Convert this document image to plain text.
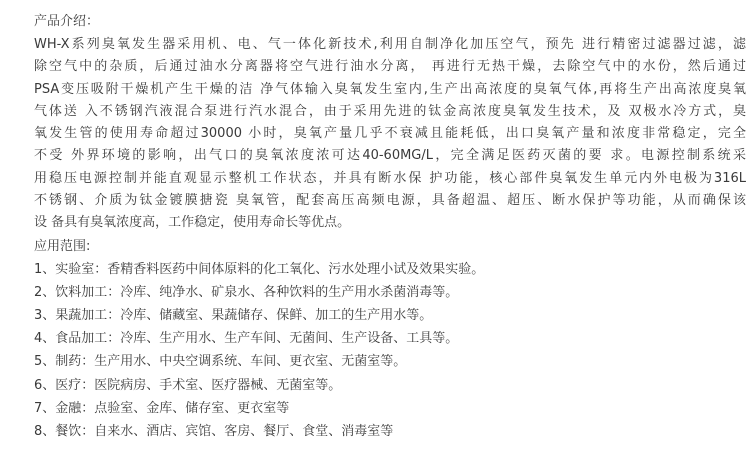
产品介绍：

WH-X系列臭氧发生器采用机、电、气一体化新技术,利用自制净化加压空气，预先 进行精密过滤器过滤，滤
除空气中的杂质，后通过油水分离器将空气进行油水分离， 再进行无热干燥，去除空气中的水份，然后通过
PSA变压吸附干燥机产生干燥的洁 净气体输入臭氧发生室内,生产出高浓度的臭氧气体,再将生产出高浓度臭氧
气体送 入不锈钢汽液混合泵进行汽水混合，由于采用先进的钛金高浓度臭氧发生技术，及 双极水冷方式，臭
氧发生管的使用寿命超过30000 小时，臭氧产量几乎不衰减且能耗低，出口臭氧产量和浓度非常稳定，完全
不受 外界环境的影响，出气口的臭氧浓度浓可达40-60MG/L，完全满足医药灭菌的要 求。电源控制系统采
用稳压电源控制并能直观显示整机工作状态，并具有断水保 护功能，核心部件臭氧发生单元内外电极为316L
不锈钢、介质为钛金镀膜搪瓷 臭氧管，配套高压高频电源，具备超温、超压、断水保护等功能，从而确保该
设 备具有臭氧浓度高，工作稳定，使用寿命长等优点。

应用范围:

1、实验室：香精香料医药中间体原料的化工氧化、污水处理小试及效果实验。
2、饮料加工：冷库、纯净水、矿泉水、各种饮料的生产用水杀菌消毒等。
3、果蔬加工：冷库、储藏室、果蔬储存、保鲜、加工的生产用水等。
4、食品加工：冷库、生产用水、生产车间、无菌间、生产设备、工具等。
5、制药：生产用水、中央空调系统、车间、更衣室、无菌室等。
6、医疗：医院病房、手术室、医疗器械、无菌室等。
7、金融：点验室、金库、储存室、更衣室等
8、餐饮：自来水、酒店、宾馆、客房、餐厅、食堂、消毒室等
